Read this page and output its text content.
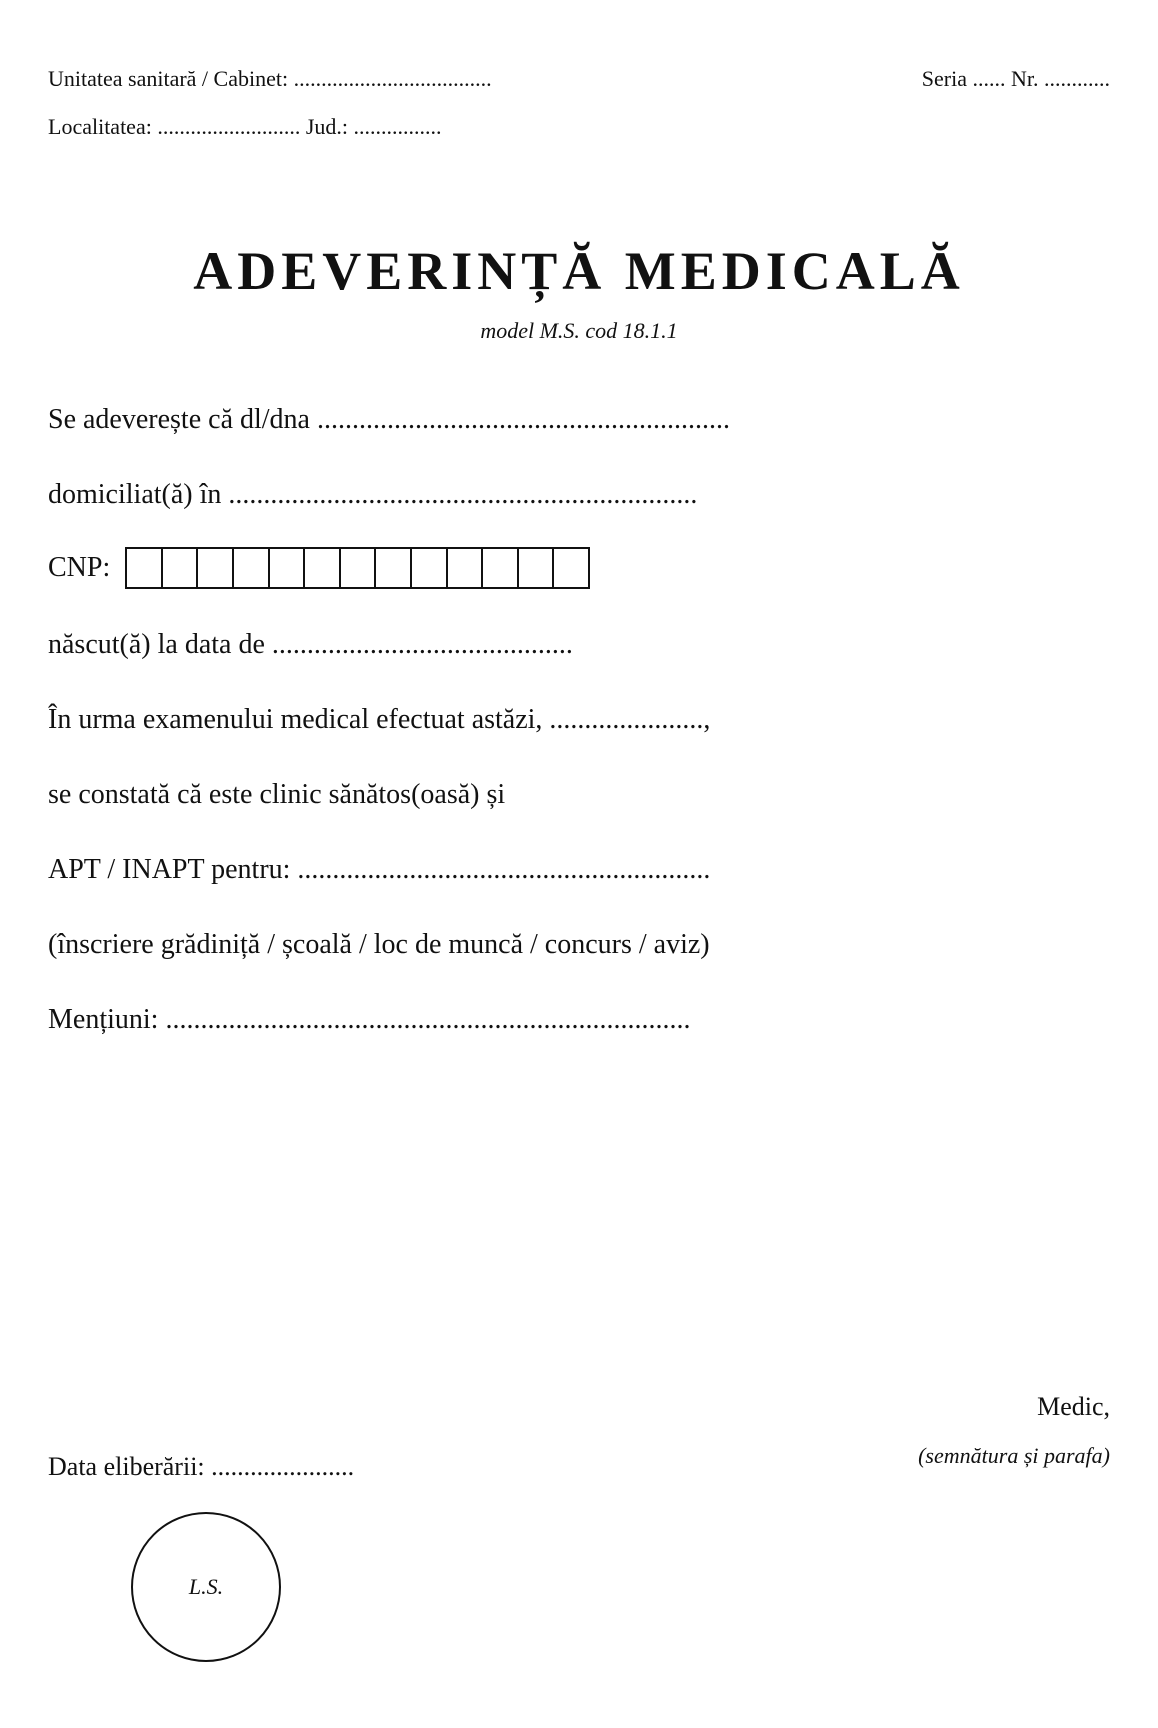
Unitatea sanitară / Cabinet: ....................................	Seria ...... Nr. ............
Localitatea: .......................... Jud.: ................
ADEVERINȚĂ MEDICALĂ
model M.S. cod 18.1.1
Se adeverește că dl/dna ...........................................................
domiciliat(ă) în ...................................................................
CNP:
născut(ă) la data de ...........................................
În urma examenului medical efectuat astăzi, ......................,
se constată că este clinic sănătos(oasă) și
APT / INAPT pentru: ...........................................................
(înscriere grădiniță / școală / loc de muncă / concurs / aviz)
Mențiuni: ...........................................................................
Medic,
(semnătura și parafa)
Data eliberării: ......................
L.S.
